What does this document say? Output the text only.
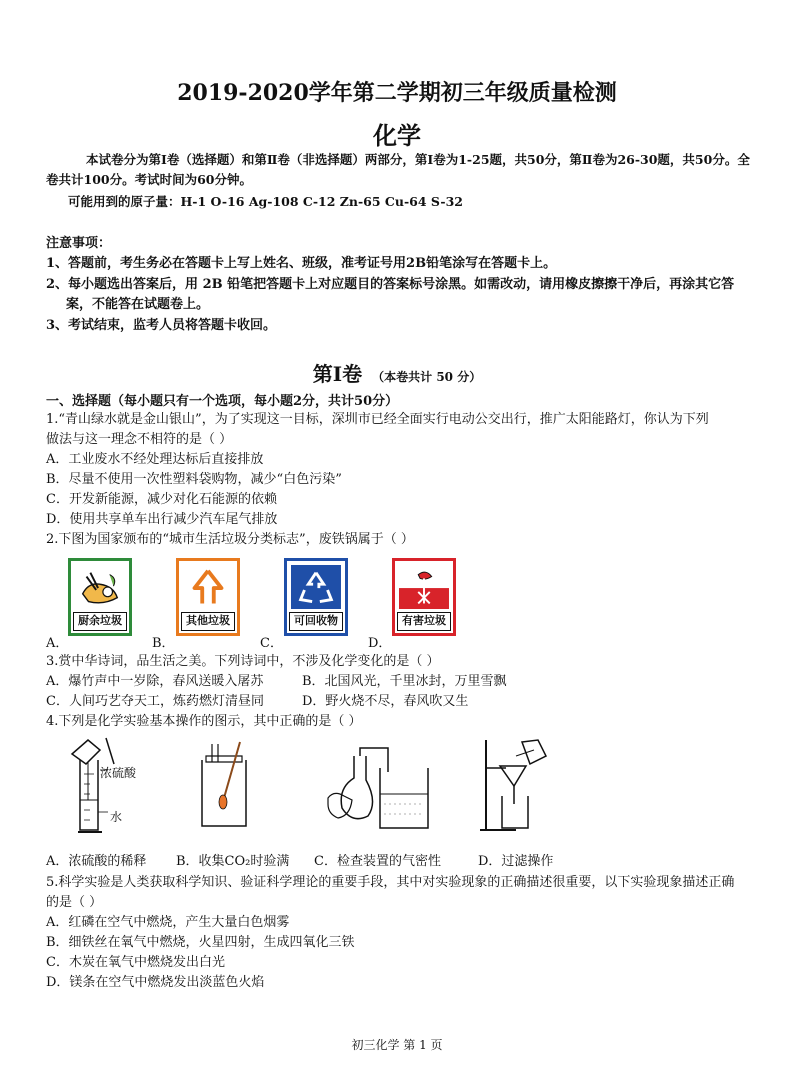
2019-2020学年第二学期初三年级质量检测
化学
本试卷分为第Ⅰ卷（选择题）和第Ⅱ卷（非选择题）两部分，第Ⅰ卷为1-25题，共50分，第Ⅱ卷为26-30题，共50分。全卷共计100分。考试时间为60分钟。
可能用到的原子量：H-1 O-16 Ag-108 C-12 Zn-65 Cu-64 S-32
注意事项：
1、答题前，考生务必在答题卡上写上姓名、班级，准考证号用2B铅笔涂写在答题卡上。
2、每小题选出答案后，用 2B 铅笔把答题卡上对应题目的答案标号涂黑。如需改动，请用橡皮擦擦干净后，再涂其它答
案，不能答在试题卷上。
3、考试结束，监考人员将答题卡收回。
第Ⅰ卷 （本卷共计 50 分）
一、选择题（每小题只有一个选项，每小题2分，共计50分）
1.“青山绿水就是金山银山”，为了实现这一目标，深圳市已经全面实行电动公交出行，推广太阳能路灯，你认为下列
做法与这一理念不相符的是（ ）
A．工业废水不经处理达标后直接排放
B．尽量不使用一次性塑料袋购物，减少“白色污染”
C．开发新能源，减少对化石能源的依赖
D．使用共享单车出行减少汽车尾气排放
2.下图为国家颁布的“城市生活垃圾分类标志”，废铁锅属于（ ）
厨余垃圾	其他垃圾	可回收物	有害垃圾
A．	B．	C．	D．
3.赏中华诗词，品生活之美。下列诗词中，不涉及化学变化的是（ ）
A．爆竹声中一岁除，春风送暖入屠苏	B．北国风光，千里冰封，万里雪飘
C．人间巧艺夺天工，炼药燃灯清昼同	D．野火烧不尽，春风吹又生
4.下列是化学实验基本操作的图示，其中正确的是（ ）
浓硫酸
水
A．浓硫酸的稀释 B．收集CO₂时验满 C．检查装置的气密性	D．过滤操作
5.科学实验是人类获取科学知识、验证科学理论的重要手段，其中对实验现象的正确描述很重要，以下实验现象描述正确
的是（ ）
A．红磷在空气中燃烧，产生大量白色烟雾
B．细铁丝在氧气中燃烧，火星四射，生成四氧化三铁
C．木炭在氧气中燃烧发出白光
D．镁条在空气中燃烧发出淡蓝色火焰
初三化学 第 1 页
